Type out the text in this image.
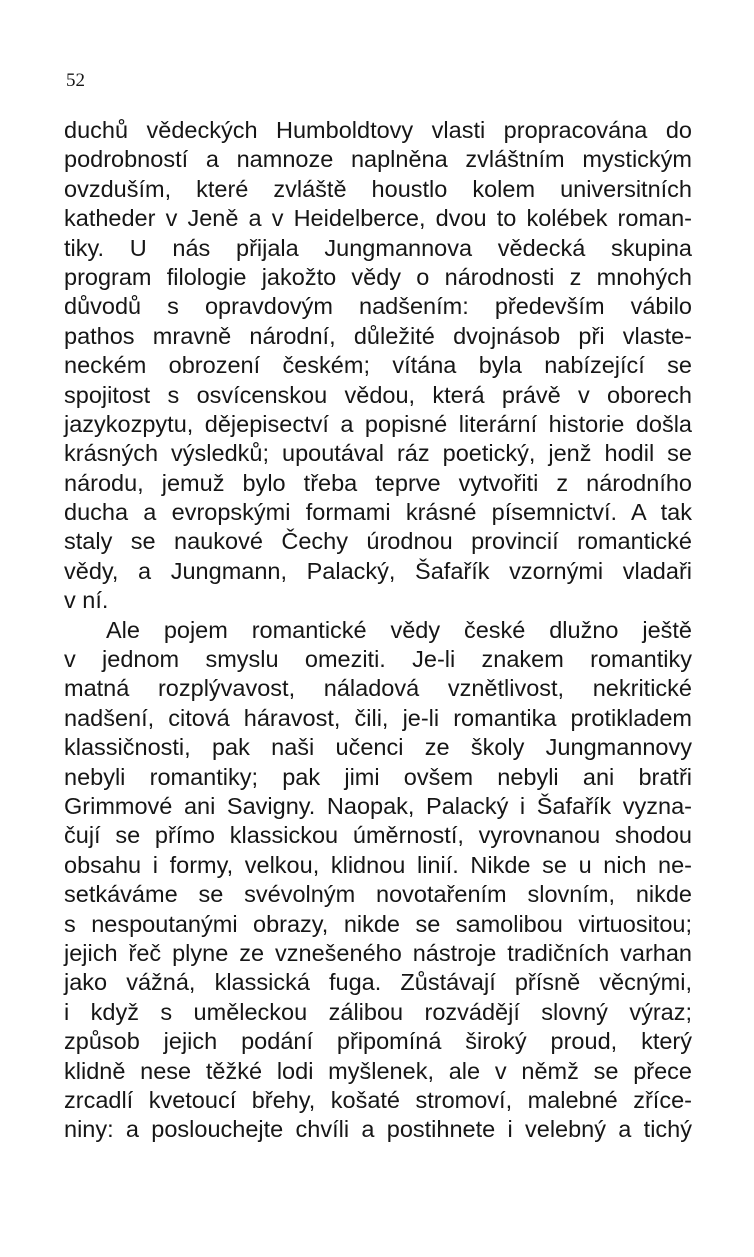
52
duchů vědeckých Humboldtovy vlasti propracována do
podrobností a namnoze naplněna zvláštním mystickým
ovzduším, které zvláště houstlo kolem universitních
katheder v Jeně a v Heidelberce, dvou to kolébek roman-
tiky. U nás přijala Jungmannova vědecká skupina
program filologie jakožto vědy o národnosti z mnohých
důvodů s opravdovým nadšením: především vábilo
pathos mravně národní, důležité dvojnásob při vlaste-
neckém obrození českém; vítána byla nabízející se
spojitost s osvícenskou vědou, která právě v oborech
jazykozpytu, dějepisectví a popisné literární historie došla
krásných výsledků; upoutával ráz poetický, jenž hodil se
národu, jemuž bylo třeba teprve vytvořiti z národního
ducha a evropskými formami krásné písemnictví. A tak
staly se naukové Čechy úrodnou provincií romantické
vědy, a Jungmann, Palacký, Šafařík vzornými vladaři
v ní.
Ale pojem romantické vědy české dlužno ještě
v jednom smyslu omeziti. Je-li znakem romantiky
matná rozplývavost, náladová vznětlivost, nekritické
nadšení, citová háravost, čili, je-li romantika protikladem
klassičnosti, pak naši učenci ze školy Jungmannovy
nebyli romantiky; pak jimi ovšem nebyli ani bratři
Grimmové ani Savigny. Naopak, Palacký i Šafařík vyzna-
čují se přímo klassickou úměrností, vyrovnanou shodou
obsahu i formy, velkou, klidnou linií. Nikde se u nich ne-
setkáváme se svévolným novotařením slovním, nikde
s nespoutanými obrazy, nikde se samolibou virtuositou;
jejich řeč plyne ze vznešeného nástroje tradičních varhan
jako vážná, klassická fuga. Zůstávají přísně věcnými,
i když s uměleckou zálibou rozvádějí slovný výraz;
způsob jejich podání připomíná široký proud, který
klidně nese těžké lodi myšlenek, ale v němž se přece
zrcadlí kvetoucí břehy, košaté stromoví, malebné zříce-
niny: a poslouchejte chvíli a postihnete i velebný a tichý
